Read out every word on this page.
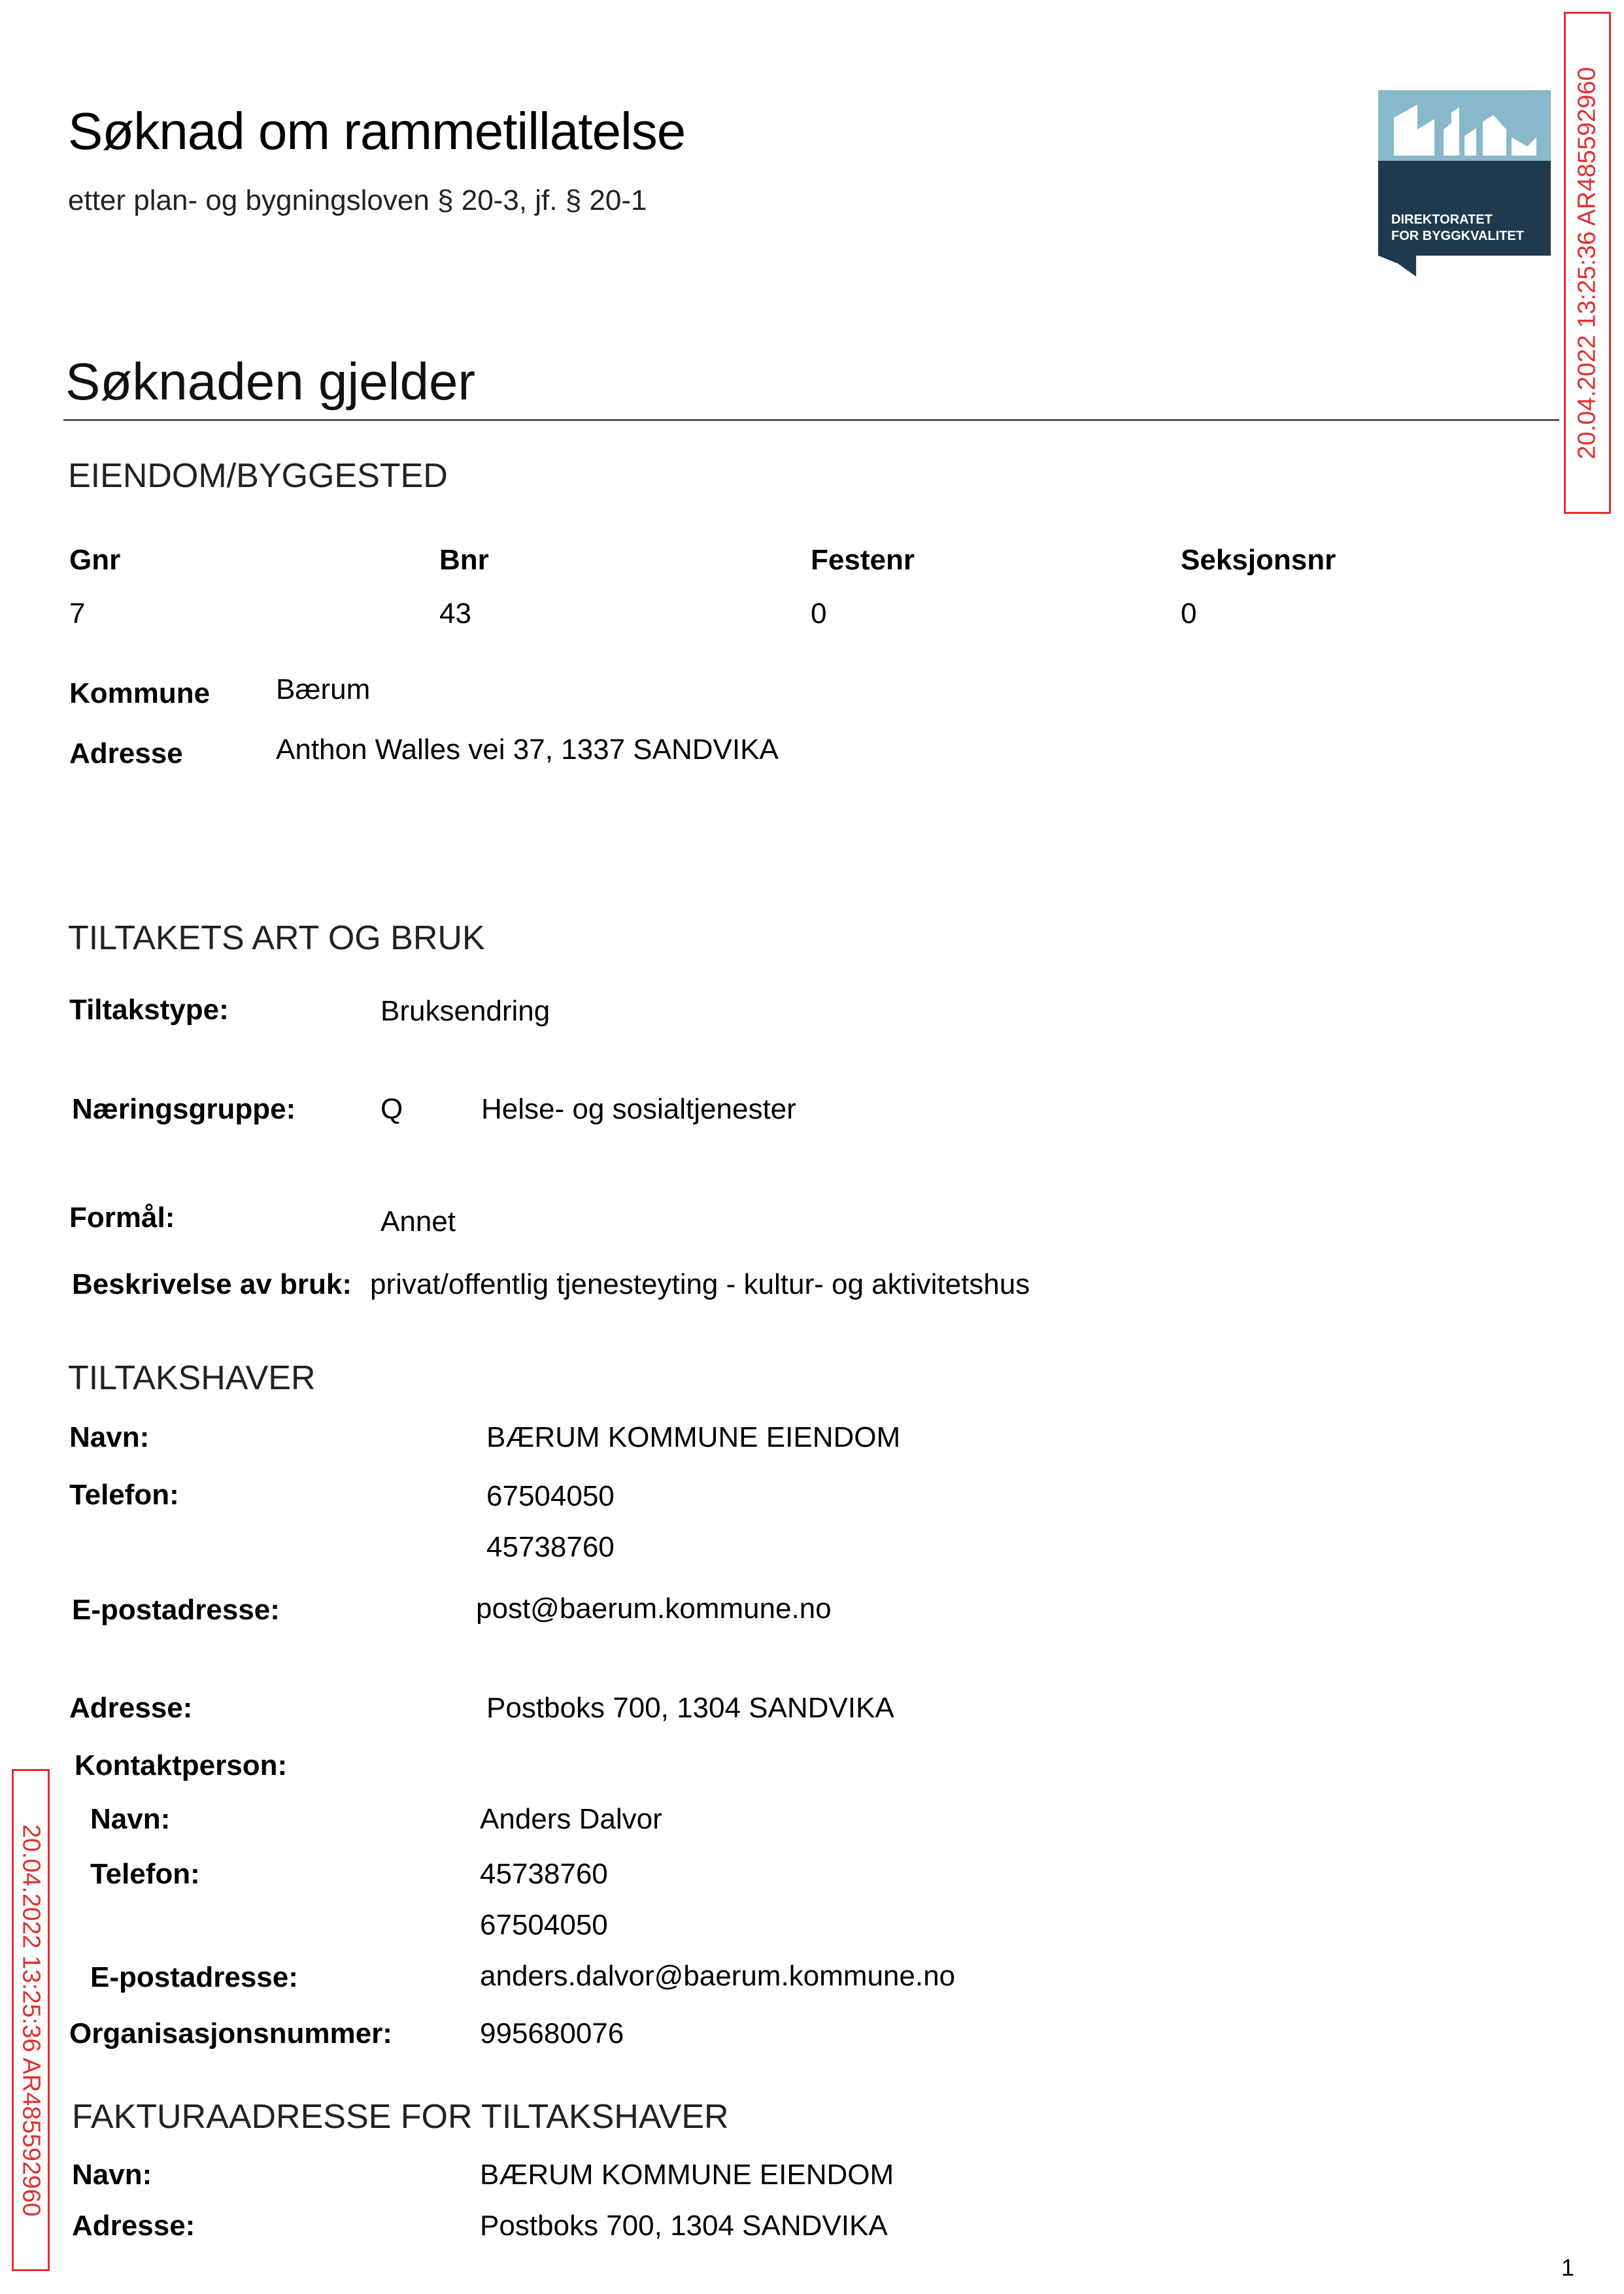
Søknad om rammetillatelse
etter plan- og bygningsloven § 20-3, jf. § 20-1
DIREKTORATET
FOR BYGGKVALITET 20.04.2022 13:25:36 AR485592960
20.04.2022 13:25:36 AR485592960
Søknaden gjelder
EIENDOM/BYGGESTED
Gnr	Bnr	Festenr	Seksjonsnr
7	43	0	0
Kommune Bærum
Adresse	Anthon Walles vei 37, 1337 SANDVIKA
TILTAKETS ART OG BRUK
Tiltakstype:	Bruksendring
Næringsgruppe:	Q	Helse- og sosialtjenester
Formål:	Annet
Beskrivelse av bruk: privat/offentlig tjenesteyting - kultur- og aktivitetshus
TILTAKSHAVER
Navn:	BÆRUM KOMMUNE EIENDOM
Telefon:	67504050
45738760
E-postadresse:	post@baerum.kommune.no
Adresse:	Postboks 700, 1304 SANDVIKA
Kontaktperson:
Navn:	Anders Dalvor
Telefon:	45738760
67504050
E-postadresse:	anders.dalvor@baerum.kommune.no
Organisasjonsnummer:	995680076
FAKTURAADRESSE FOR TILTAKSHAVER
Navn:	BÆRUM KOMMUNE EIENDOM
Adresse:	Postboks 700, 1304 SANDVIKA
1
